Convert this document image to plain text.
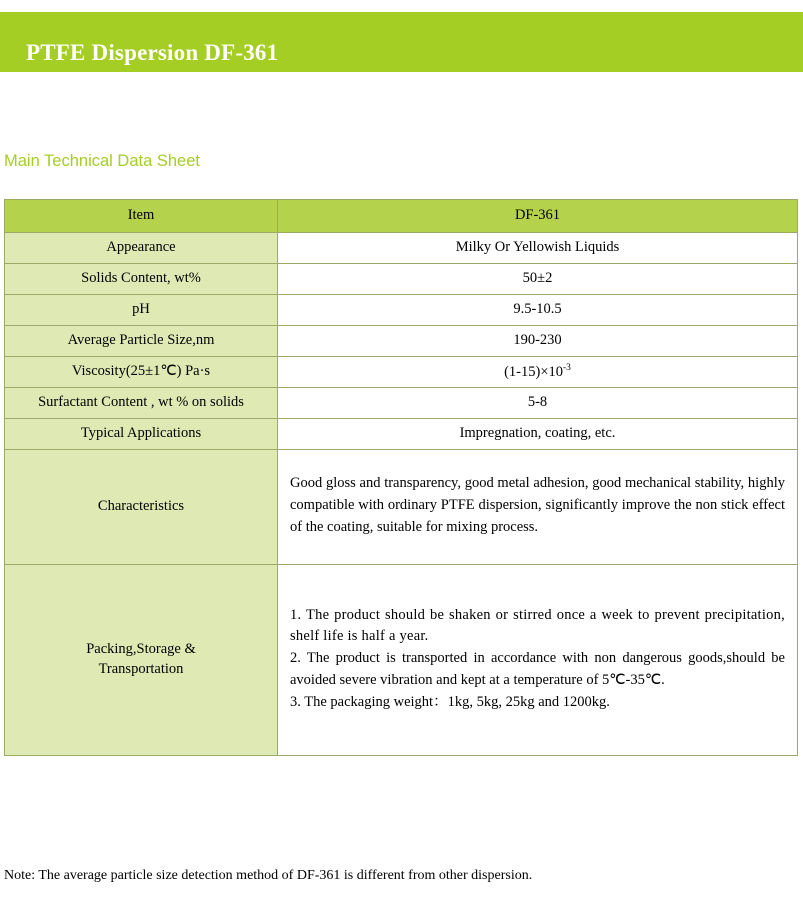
PTFE Dispersion DF-361
Main Technical Data Sheet
Item	DF-361
Appearance	Milky Or Yellowish Liquids
Solids Content, wt%	50±2
pH	9.5-10.5
Average Particle Size,nm	190-230
Viscosity(25±1℃) Pa·s	$(1-15)\times 10^{-3}$
Surfactant Content , wt % on solids	5-8
Typical Applications	Impregnation, coating, etc.
Characteristics	Good gloss and transparency, good metal adhesion, good mechanical stability, highly compatible with ordinary PTFE dispersion, significantly improve the non stick effect of the coating, suitable for mixing process.

Packing,Storage &
Transportation	1. The product should be shaken or stirred once a week to prevent precipitation, shelf life is half a year.
2. The product is transported in accordance with non dangerous goods,should be avoided severe vibration and kept at a temperature of 5℃-35℃.
3. The packaging weight：1kg, 5kg, 25kg and 1200kg.
Note: The average particle size detection method of DF-361 is different from other dispersion.
